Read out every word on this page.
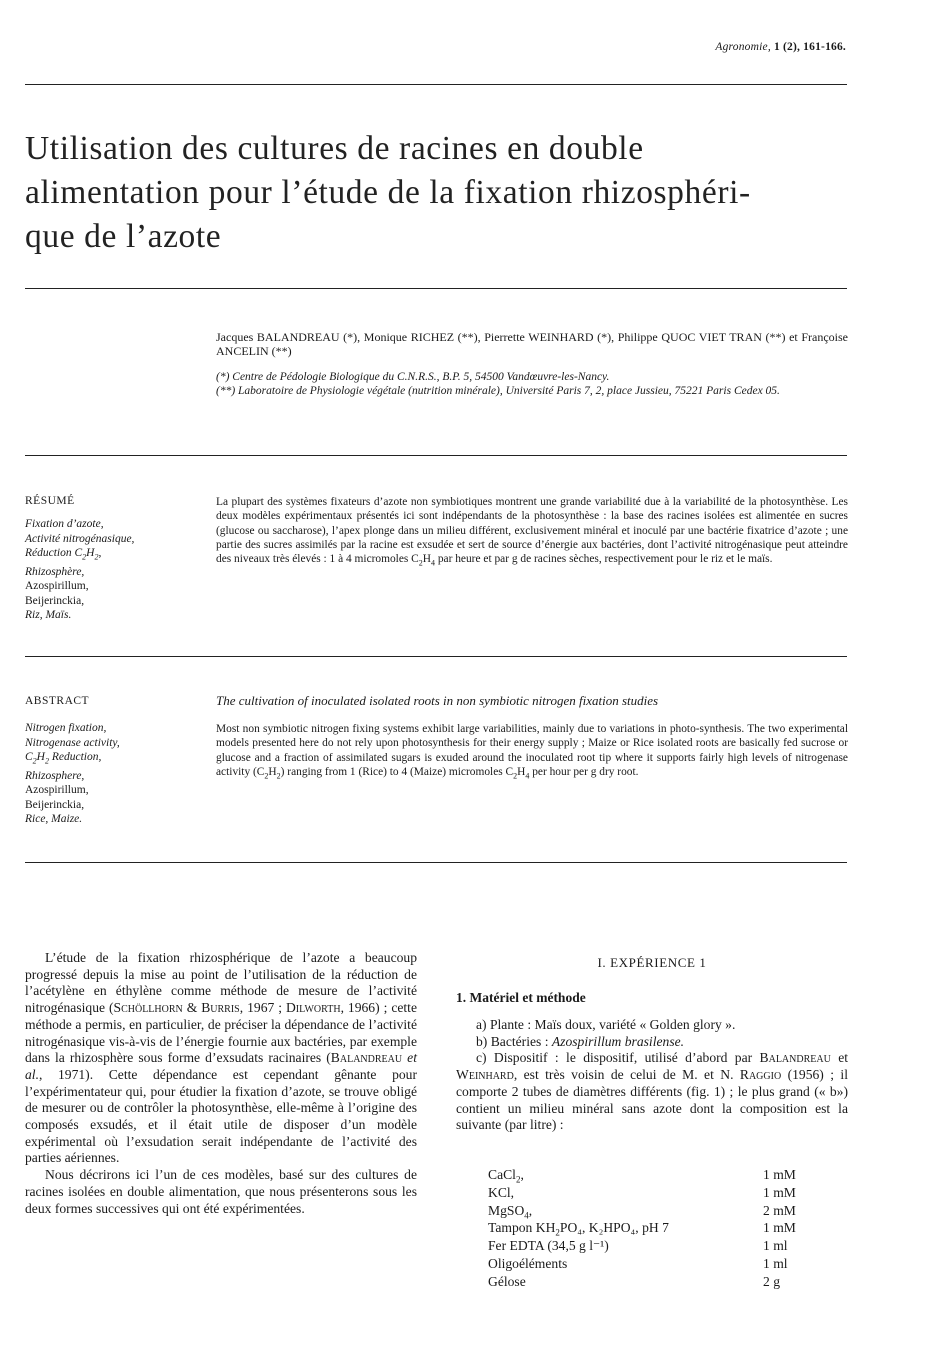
Agronomie, 1 (2), 161-166.
Utilisation des cultures de racines en double
alimentation pour l’étude de la fixation rhizosphéri-
que de l’azote
Jacques BALANDREAU (*), Monique RICHEZ (**), Pierrette WEINHARD (*), Philippe QUOC VIET TRAN (**) et Françoise ANCELIN (**)
(*) Centre de Pédologie Biologique du C.N.R.S., B.P. 5, 54500 Vandœuvre-les-Nancy.
(**) Laboratoire de Physiologie végétale (nutrition minérale), Université Paris 7, 2, place Jussieu, 75221 Paris Cedex 05.
RÉSUMÉ
Fixation d’azote,
Activité nitrogénasique,
Réduction $C_2H_2$,
Rhizosphère,
Azospirillum,
Beijerinckia,
Riz, Maïs.
La plupart des systèmes fixateurs d’azote non symbiotiques montrent une grande variabilité due à la variabilité de la photosynthèse. Les deux modèles expérimentaux présentés ici sont indépendants de la photosynthèse : la base des racines isolées est alimentée en sucres (glucose ou saccharose), l’apex plonge dans un milieu différent, exclusivement minéral et inoculé par une bactérie fixatrice d’azote ; une partie des sucres assimilés par la racine est exsudée et sert de source d’énergie aux bactéries, dont l’activité nitrogénasique peut atteindre des niveaux très élevés : 1 à 4 micromoles $C_2H_4$ par heure et par g de racines sèches, respectivement pour le riz et le maïs.
ABSTRACT
Nitrogen fixation,
Nitrogenase activity,
$C_2H_2$ Reduction,
Rhizosphere,
Azospirillum,
Beijerinckia,
Rice, Maize.
The cultivation of inoculated isolated roots in non symbiotic nitrogen fixation studies
Most non symbiotic nitrogen fixing systems exhibit large variabilities, mainly due to variations in photo-synthesis. The two experimental models presented here do not rely upon photosynthesis for their energy supply ; Maize or Rice isolated roots are basically fed sucrose or glucose and a fraction of assimilated sugars is exuded around the inoculated root tip where it supports fairly high levels of nitrogenase activity $(C_2H_2)$ ranging from 1 (Rice) to 4 (Maize) micromoles $C_2H_4$ per hour per g dry root.

L’étude de la fixation rhizosphérique de l’azote a beaucoup progressé depuis la mise au point de l’utilisation de la réduction de l’acétylène en éthylène comme méthode de mesure de l’activité nitrogénasique (Schöllhorn & Burris, 1967 ; Dilworth, 1966) ; cette méthode a permis, en particulier, de préciser la dépendance de l’activité nitrogénasique vis-à-vis de l’énergie fournie aux bactéries, par exemple dans la rhizosphère sous forme d’exsudats racinaires (Balandreau et al., 1971). Cette dépendance est cependant gênante pour l’expérimentateur qui, pour étudier la fixation d’azote, se trouve obligé de mesurer ou de contrôler la photosynthèse, elle-même à l’origine des composés exsudés, et il était utile de disposer d’un modèle expérimental où l’exsudation serait indépendante de l’activité des parties aériennes.

Nous décrirons ici l’un de ces modèles, basé sur des cultures de racines isolées en double alimentation, que nous présenterons sous les deux formes successives qui ont été expérimentées.

I. EXPÉRIENCE 1
1. Matériel et méthode

a) Plante : Maïs doux, variété « Golden glory ».

b) Bactéries : Azospirillum brasilense.

c) Dispositif : le dispositif, utilisé d’abord par Balandreau et Weinhard, est très voisin de celui de M. et N. Raggio (1956) ; il comporte 2 tubes de diamètres différents (fig. 1) ; le plus grand (« b») contient un milieu minéral sans azote dont la composition est la suivante (par litre) :

CaCl$_2$,	1 mM
KCl,	1 mM
MgSO$_4$,	2 mM
Tampon $KH_2PO_4$, K₂HPO₄, pH 7	1 mM
Fer EDTA (34,5 g l⁻¹)	1 ml
Oligoéléments	1 ml
Gélose	2 g
